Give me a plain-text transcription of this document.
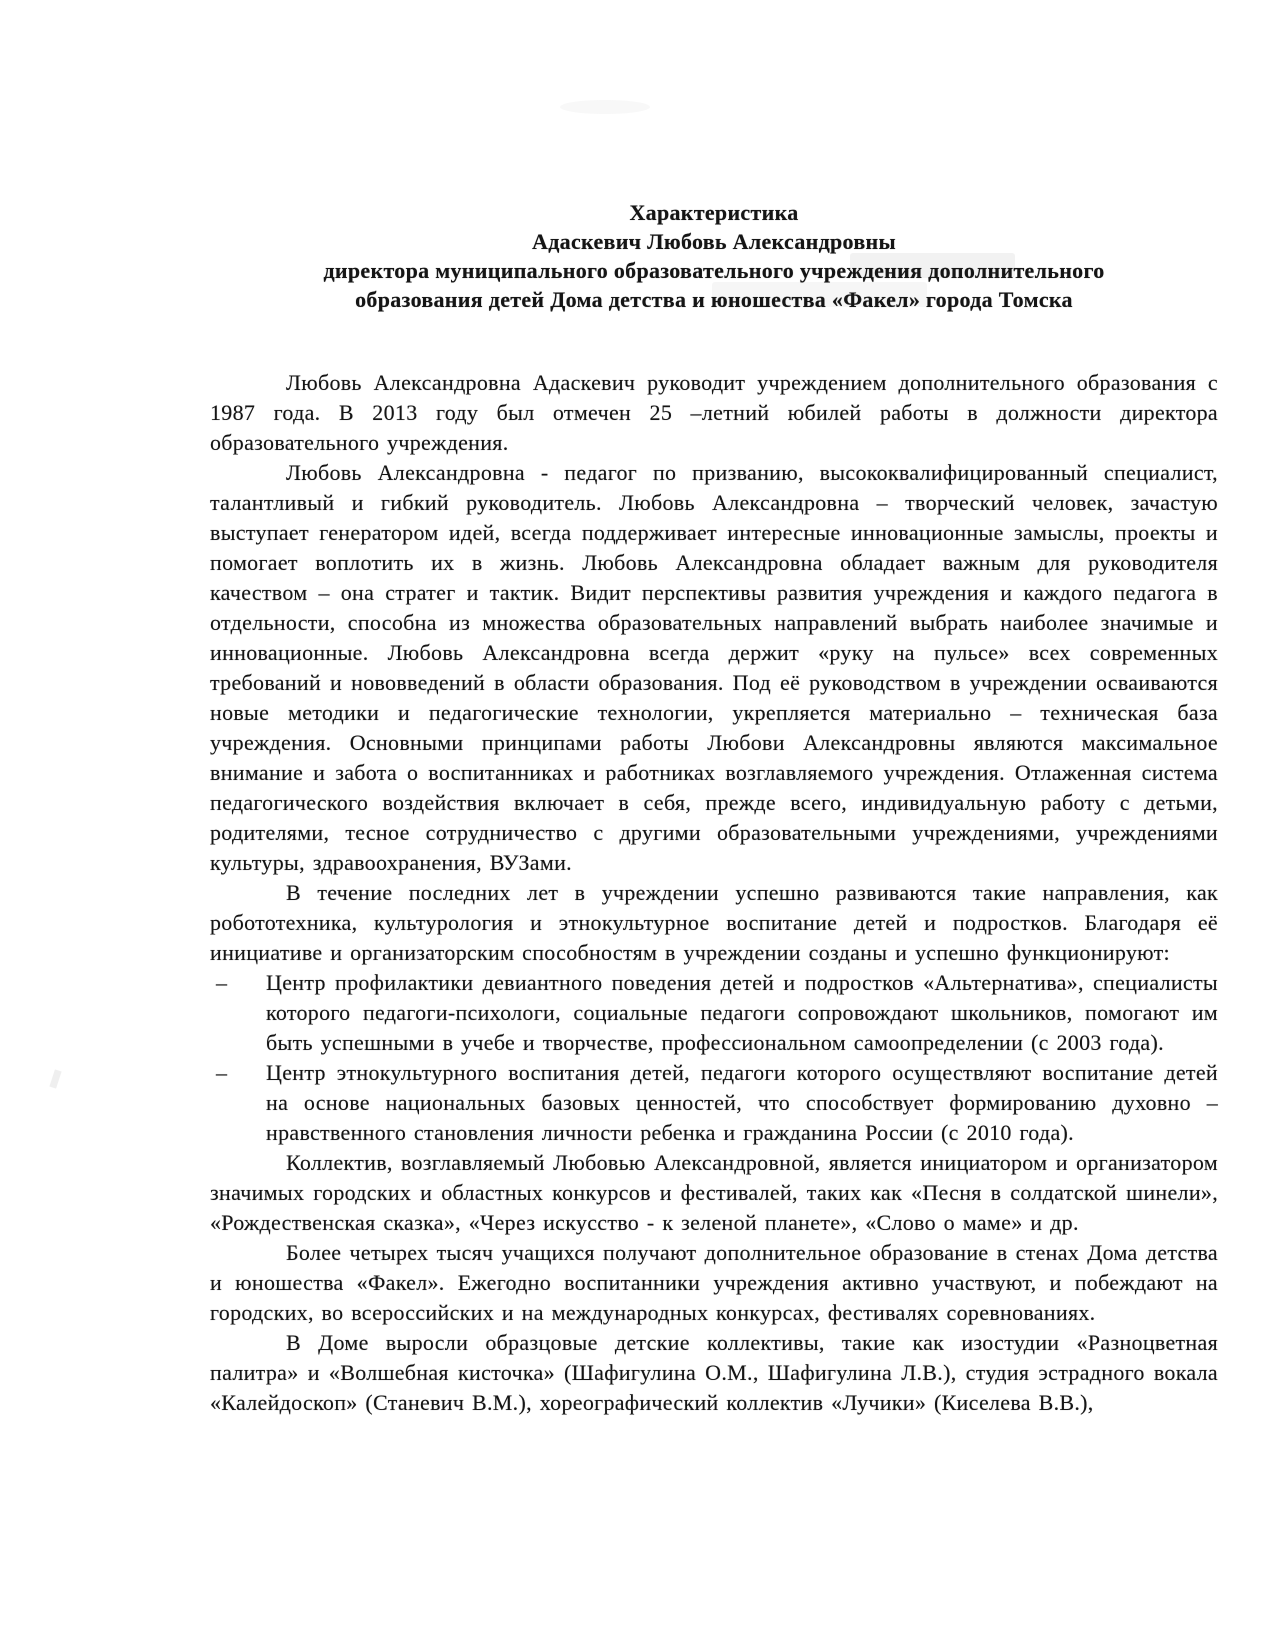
Характеристика
Адаскевич Любовь Александровны
директора муниципального образовательного учреждения дополнительного
образования детей Дома детства и юношества «Факел» города Томска

Любовь Александровна Адаскевич руководит учреждением дополнительного образования с 1987 года. В 2013 году был отмечен 25 –летний юбилей работы в должности директора образовательного учреждения.

Любовь Александровна - педагог по призванию, высококвалифицированный специалист, талантливый и гибкий руководитель. Любовь Александровна – творческий человек, зачастую выступает генератором идей, всегда поддерживает интересные инновационные замыслы, проекты и помогает воплотить их в жизнь. Любовь Александровна обладает важным для руководителя качеством – она стратег и тактик. Видит перспективы развития учреждения и каждого педагога в отдельности, способна из множества образовательных направлений выбрать наиболее значимые и инновационные. Любовь Александровна всегда держит «руку на пульсе» всех современных требований и нововведений в области образования. Под её руководством в учреждении осваиваются новые методики и педагогические технологии, укрепляется материально – техническая база учреждения. Основными принципами работы Любови Александровны являются максимальное внимание и забота о воспитанниках и работниках возглавляемого учреждения. Отлаженная система педагогического воздействия включает в себя, прежде всего, индивидуальную работу с детьми, родителями, тесное сотрудничество с другими образовательными учреждениями, учреждениями культуры, здравоохранения, ВУЗами.

В течение последних лет в учреждении успешно развиваются такие направления, как робототехника, культурология и этнокультурное воспитание детей и подростков. Благодаря её инициативе и организаторским способностям в учреждении созданы и успешно функционируют:

– Центр профилактики девиантного поведения детей и подростков «Альтернатива», специалисты которого педагоги-психологи, социальные педагоги сопровождают школьников, помогают им быть успешными в учебе и творчестве, профессиональном самоопределении (с 2003 года).
– Центр этнокультурного воспитания детей, педагоги которого осуществляют воспитание детей на основе национальных базовых ценностей, что способствует формированию духовно – нравственного становления личности ребенка и гражданина России (с 2010 года).

Коллектив, возглавляемый Любовью Александровной, является инициатором и организатором значимых городских и областных конкурсов и фестивалей, таких как «Песня в солдатской шинели», «Рождественская сказка», «Через искусство - к зеленой планете», «Слово о маме» и др.

Более четырех тысяч учащихся получают дополнительное образование в стенах Дома детства и юношества «Факел». Ежегодно воспитанники учреждения активно участвуют, и побеждают на городских, во всероссийских и на международных конкурсах, фестивалях соревнованиях.

В Доме выросли образцовые детские коллективы, такие как изостудии «Разноцветная палитра» и «Волшебная кисточка» (Шафигулина О.М., Шафигулина Л.В.), студия эстрадного вокала «Калейдоскоп» (Станевич В.М.), хореографический коллектив «Лучики» (Киселева В.В.),
